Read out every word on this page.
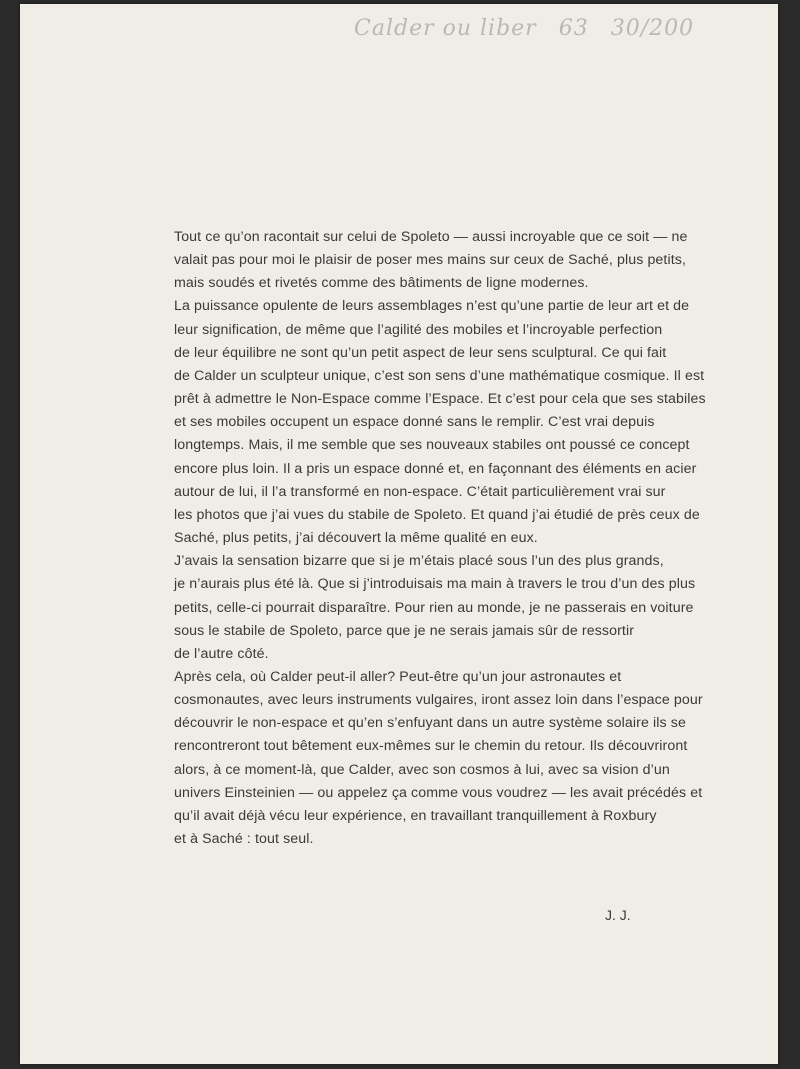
Calder ou liber 63 30/200
Tout ce qu’on racontait sur celui de Spoleto — aussi incroyable que ce soit — ne
valait pas pour moi le plaisir de poser mes mains sur ceux de Saché, plus petits,
mais soudés et rivetés comme des bâtiments de ligne modernes.
La puissance opulente de leurs assemblages n’est qu’une partie de leur art et de
leur signification, de même que l’agilité des mobiles et l’incroyable perfection
de leur équilibre ne sont qu’un petit aspect de leur sens sculptural. Ce qui fait
de Calder un sculpteur unique, c’est son sens d’une mathématique cosmique. Il est
prêt à admettre le Non-Espace comme l’Espace. Et c’est pour cela que ses stabiles
et ses mobiles occupent un espace donné sans le remplir. C’est vrai depuis
longtemps. Mais, il me semble que ses nouveaux stabiles ont poussé ce concept
encore plus loin. Il a pris un espace donné et, en façonnant des éléments en acier
autour de lui, il l’a transformé en non-espace. C’était particulièrement vrai sur
les photos que j’ai vues du stabile de Spoleto. Et quand j’ai étudié de près ceux de
Saché, plus petits, j’ai découvert la même qualité en eux.
J’avais la sensation bizarre que si je m’étais placé sous l’un des plus grands,
je n’aurais plus été là. Que si j’introduisais ma main à travers le trou d’un des plus
petits, celle-ci pourrait disparaître. Pour rien au monde, je ne passerais en voiture
sous le stabile de Spoleto, parce que je ne serais jamais sûr de ressortir
de l’autre côté.
Après cela, où Calder peut-il aller? Peut-être qu’un jour astronautes et
cosmonautes, avec leurs instruments vulgaires, iront assez loin dans l’espace pour
découvrir le non-espace et qu’en s’enfuyant dans un autre système solaire ils se
rencontreront tout bêtement eux-mêmes sur le chemin du retour. Ils découvriront
alors, à ce moment-là, que Calder, avec son cosmos à lui, avec sa vision d’un
univers Einsteinien — ou appelez ça comme vous voudrez — les avait précédés et
qu’il avait déjà vécu leur expérience, en travaillant tranquillement à Roxbury
et à Saché : tout seul.
J. J.
